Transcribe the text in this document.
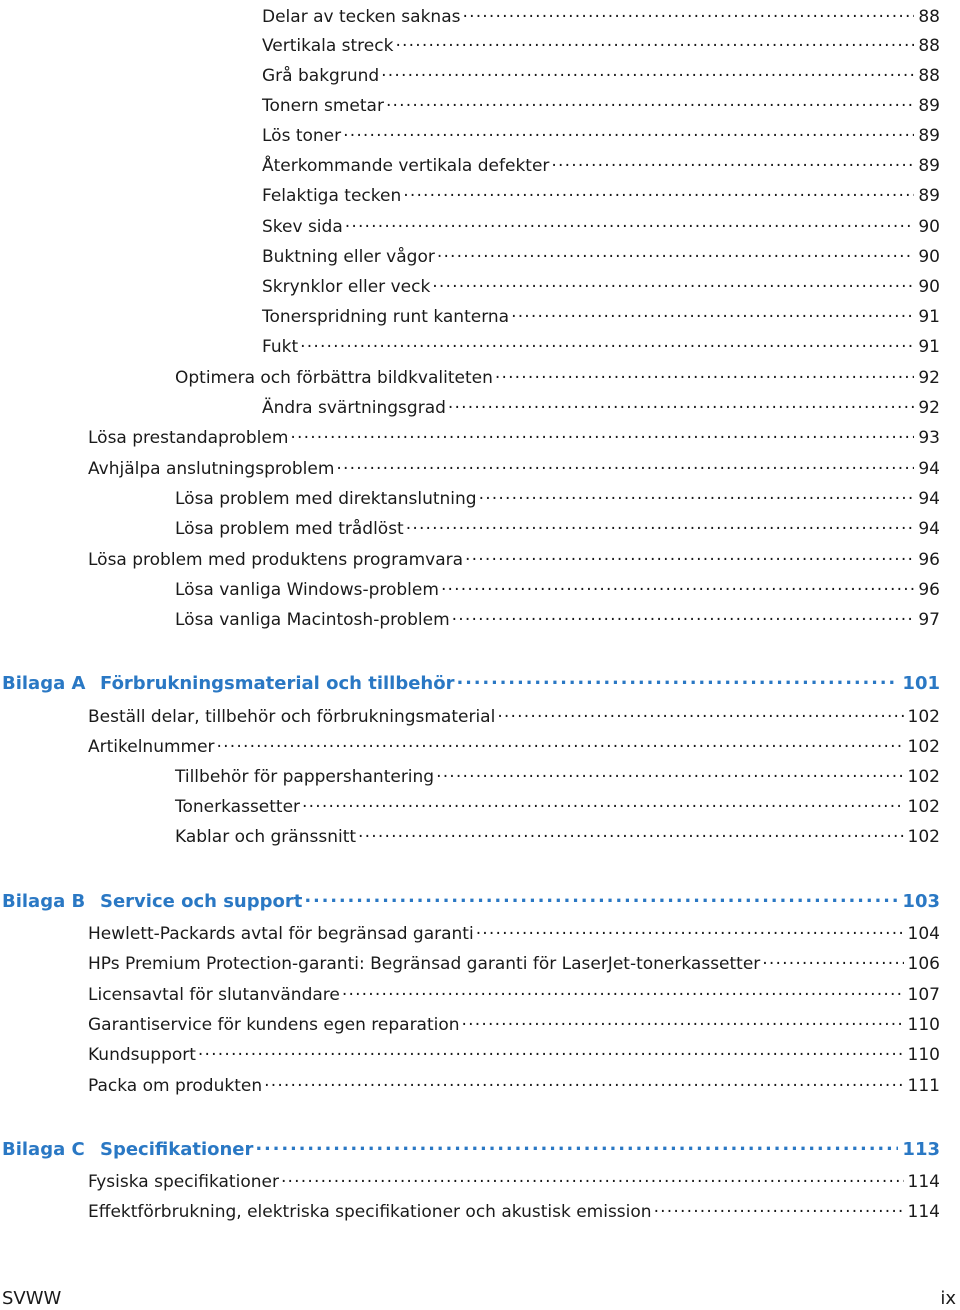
Delar av tecken saknas .....	88
Vertikala streck .....	88
Grå bakgrund .....	88
Tonern smetar .....	89
Lös toner .....	89
Återkommande vertikala defekter .....	89
Felaktiga tecken .....	89
Skev sida .....	90
Buktning eller vågor .....	90
Skrynklor eller veck .....	90
Tonerspridning runt kanterna .....	91
Fukt .....	91
Optimera och förbättra bildkvaliteten .....	92
Ändra svärtningsgrad .....	92
Lösa prestandaproblem .....	93
Avhjälpa anslutningsproblem .....	94
Lösa problem med direktanslutning .....	94
Lösa problem med trådlöst .....	94
Lösa problem med produktens programvara .....	96
Lösa vanliga Windows-problem .....	96
Lösa vanliga Macintosh-problem .....	97
Bilaga A Förbrukningsmaterial och tillbehör .....	101
Beställ delar, tillbehör och förbrukningsmaterial .....	102
Artikelnummer .....	102
Tillbehör för pappershantering .....	102
Tonerkassetter .....	102
Kablar och gränssnitt .....	102
Bilaga B Service och support .....	103
Hewlett-Packards avtal för begränsad garanti .....	104
HPs Premium Protection-garanti: Begränsad garanti för LaserJet-tonerkassetter .....	106
Licensavtal för slutanvändare .....	107
Garantiservice för kundens egen reparation .....	110
Kundsupport .....	110
Packa om produkten .....	111
Bilaga C Specifikationer .....	113
Fysiska specifikationer .....	114
Effektförbrukning, elektriska specifikationer och akustisk emission .....	114
SVWW	ix
